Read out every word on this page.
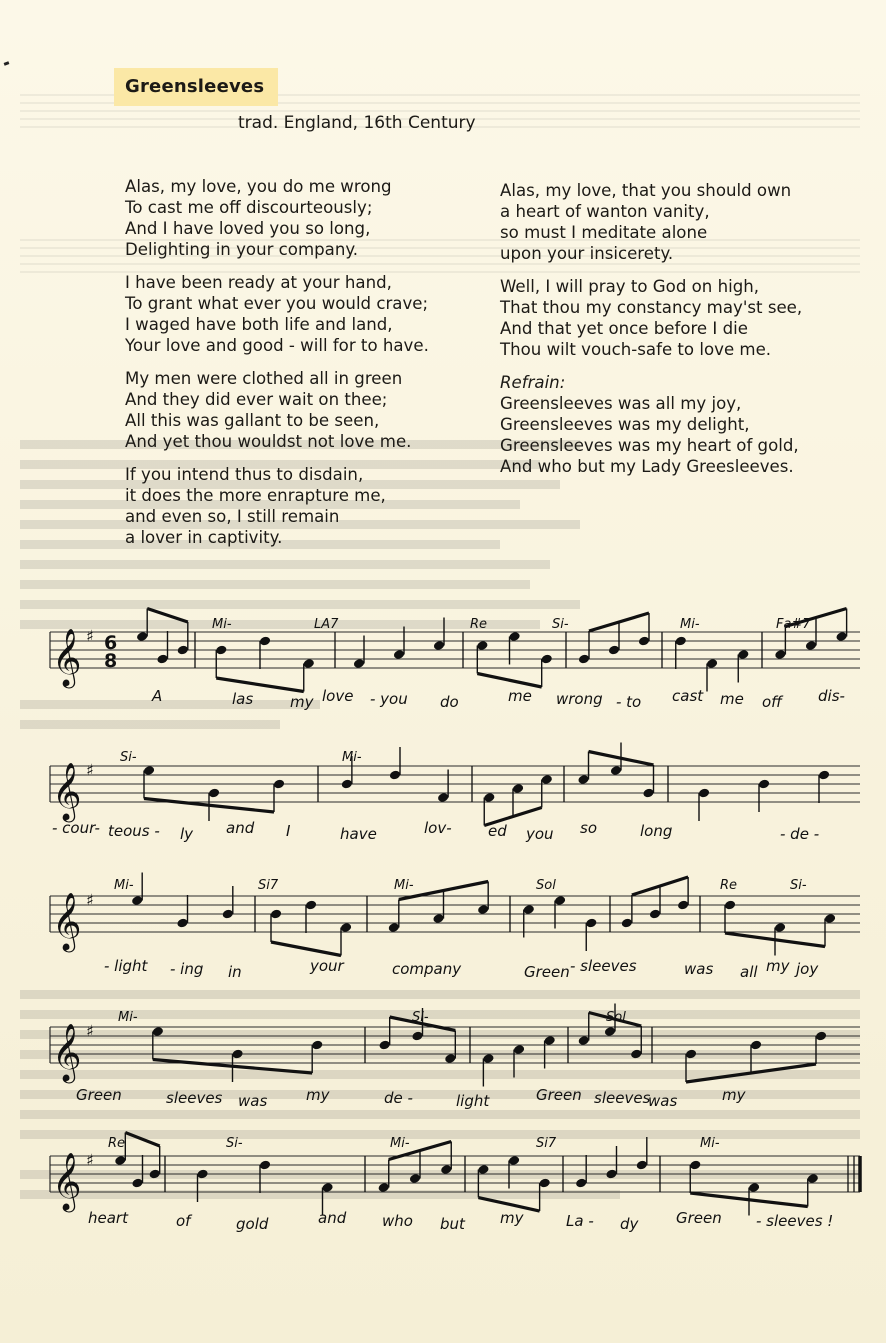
Greensleeves
trad. England, 16th Century
Alas, my love, you do me wrong
To cast me off discourteously;
And I have loved you so long,
Delighting in your company.
I have been ready at your hand,
To grant what ever you would crave;
I waged have both life and land,
Your love and good - will for to have.
My men were clothed all in green
And they did ever wait on thee;
All this was gallant to be seen,
And yet thou wouldst not love me.
If you intend thus to disdain,
it does the more enrapture me,
and even so, I still remain
a lover in captivity.
Alas, my love, that you should own
a heart of wanton vanity,
so must I meditate alone
upon your insicerety.
Well, I will pray to God on high,
That thou my constancy may'st see,
And that yet once before I die
Thou wilt vouch-safe to love me.
Refrain:
Greensleeves was all my joy,
Greensleeves was my delight,
Greensleeves was my heart of gold,
And who but my Lady Greesleeves.
𝄞 ♯ 6
8
𝄞 ♯
𝄞 ♯
𝄞 ♯
𝄞 ♯
Mi-	LA7	Re	Si-	Mi-	Fa#7
A	las my love - you do	me wrong - to cast me off dis-
Si-	Mi-
- cour- teous - ly and I	have	lov- ed you so	long	- de -
Mi-	Si7	Mi-	Sol	Re	Si-
- light - ing in	your	company	Green - sleeves	was all my joy
Mi-	Si-	Sol
Green	sleeves was	my	de -	light	Green sleeves
was	my
Re	Si-	Mi-	Si7	Mi-
heart	of	gold	and who but my	La - dy	Green - sleeves !
